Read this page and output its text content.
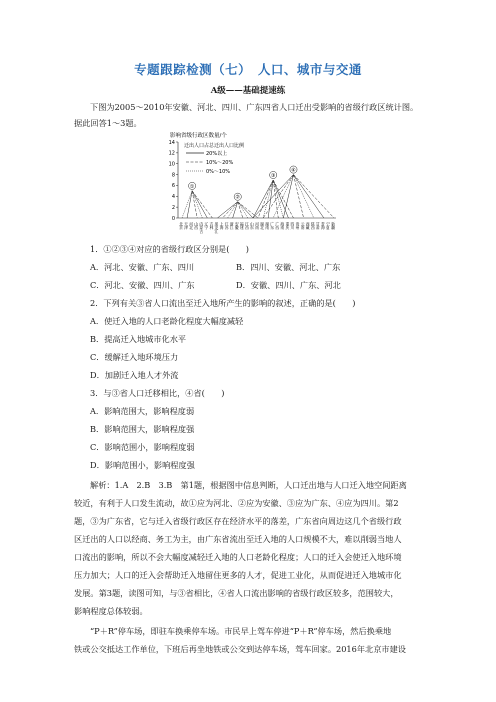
专题跟踪检测（七）　人口、城市与交通
A级——基础提速练
下图为2005～2010年安徽、河北、四川、广东四省人口迁出受影响的省级行政区统计图。
据此回答1～3题。
影响省级行政区数量/个
0
2
4
6
8
10
12
14
迁出人口占总迁出人口比例
20%以上
10%～20%
0%～10%
①
②
③
④
北京 天津 河北 山西 内蒙古 辽宁 吉林 黑龙江 上海 江苏 浙江 安徽 福建 江西 山东 河南 湖北 湖南 广东 广西 海南 重庆 四川 贵州 云南 西藏 陕西 甘肃 青海 宁夏 新疆
1．①②③④对应的省级行政区分别是(　　)
A．河北、安徽、广东、四川	B．四川、安徽、河北、广东
C．河北、安徽、四川、广东	D．安徽、四川、广东、河北
2．下列有关③省人口流出至迁入地所产生的影响的叙述，正确的是(　　)
A．使迁入地的人口老龄化程度大幅度减轻
B．提高迁入地城市化水平
C．缓解迁入地环境压力
D．加剧迁入地人才外流
3．与③省人口迁移相比，④省(　　)
A．影响范围大，影响程度弱
B．影响范围大，影响程度强
C．影响范围小，影响程度弱
D．影响范围小，影响程度强
解析：1.A　2.B　3.B　第1题，根据图中信息判断，人口迁出地与人口迁入地空间距离
较近，有利于人口发生流动，故①应为河北、②应为安徽、③应为广东、④应为四川。第2
题，③为广东省，它与迁入省级行政区存在经济水平的落差，广东省向周边这几个省级行政
区迁出的人口以经商、务工为主，由广东省流出至迁入地的人口规模不大，难以削弱当地人
口流出的影响，所以不会大幅度减轻迁入地的人口老龄化程度；人口的迁入会使迁入地环境
压力加大；人口的迁入会帮助迁入地留住更多的人才，促进工业化，从而促进迁入地城市化
发展。第3题，读图可知，与③省相比，④省人口流出影响的省级行政区较多，范围较大，
影响程度总体较弱。
“P＋R”停车场，即驻车换乘停车场。市民早上驾车停进“P＋R”停车场，然后换乘地
铁或公交抵达工作单位，下班后再坐地铁或公交到达停车场，驾车回家。2016年北京市建设
